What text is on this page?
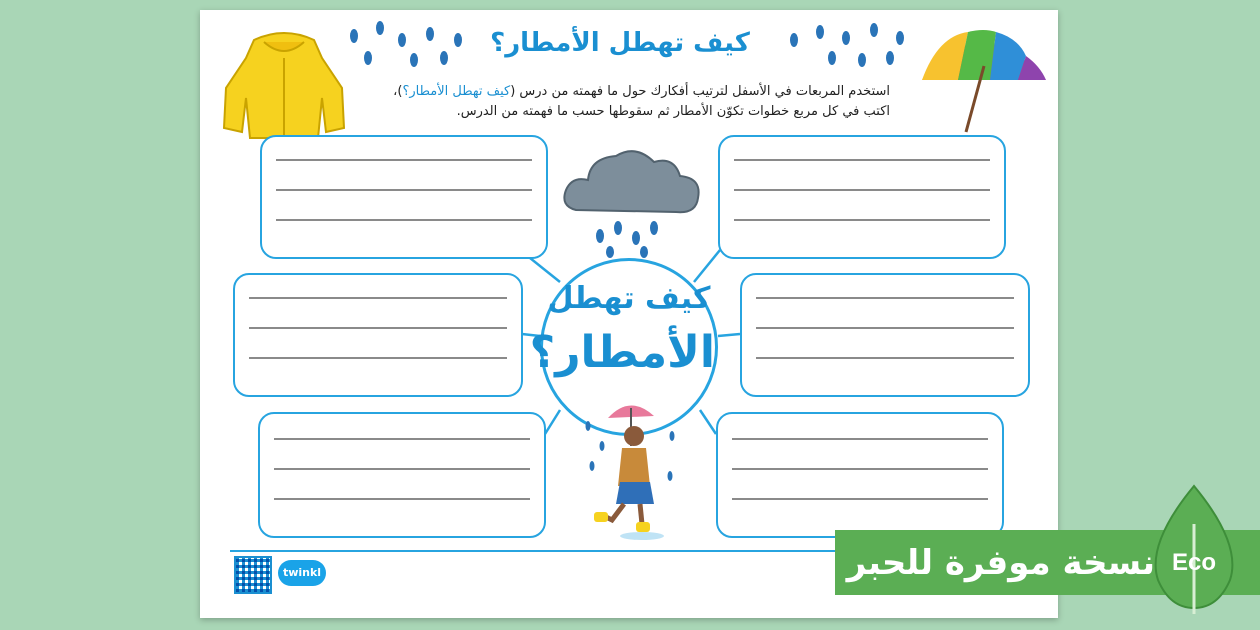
كيف تهطل الأمطار؟
استخدم المربعات في الأسفل لترتيب أفكارك حول ما فهمته من درس (كيف تهطل الأمطار؟)،
اكتب في كل مربع خطوات تكوّن الأمطار ثم سقوطها حسب ما فهمته من الدرس.
كيف تهطل
الأمطار؟
twinkl	نسخة موفرة للحبر Eco
